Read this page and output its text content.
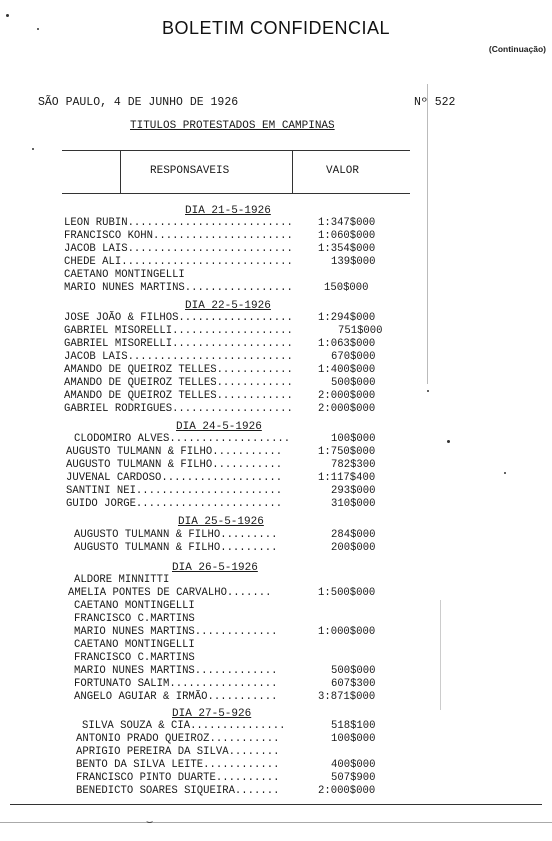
BOLETIM CONFIDENCIAL
(Continuação)
SÃO PAULO, 4 DE JUNHO DE 1926	Nº 522
TITULOS PROTESTADOS EM CAMPINAS
RESPONSAVEIS	VALOR
DIA 21-5-1926
LEON RUBIN.......................... 1:347$000
FRANCISCO KOHN...................... 1:060$000
JACOB LAIS.......................... 1:354$000
CHEDE ALI...........................	139$000
CAETANO MONTINGELLI
MARIO NUNES MARTINS.................	150$000
DIA 22-5-1926
JOSE JOÃO & FILHOS.................. 1:294$000
GABRIEL MISORELLI...................	751$000
GABRIEL MISORELLI................... 1:063$000
JACOB LAIS..........................	670$000
AMANDO DE QUEIROZ TELLES............ 1:400$000
AMANDO DE QUEIROZ TELLES............	500$000
AMANDO DE QUEIROZ TELLES............ 2:000$000
GABRIEL RODRIGUES................... 2:000$000
DIA 24-5-1926
CLODOMIRO ALVES...................	100$000
AUGUSTO TULMANN & FILHO...........	1:750$000
AUGUSTO TULMANN & FILHO...........	782$300
JUVENAL CARDOSO...................	1:117$400
SANTINI NEI.......................	293$000
GUIDO JORGE.......................	310$000
DIA 25-5-1926
AUGUSTO TULMANN & FILHO.........	284$000
AUGUSTO TULMANN & FILHO.........	200$000
DIA 26-5-1926
ALDORE MINNITTI
AMELIA PONTES DE CARVALHO.......	1:500$000
CAETANO MONTINGELLI
FRANCISCO C.MARTINS
MARIO NUNES MARTINS.............	1:000$000
CAETANO MONTINGELLI
FRANCISCO C.MARTINS
MARIO NUNES MARTINS.............	500$000
FORTUNATO SALIM.................	607$300
ANGELO AGUIAR & IRMÃO...........	3:871$000
DIA 27-5-926
SILVA SOUZA & CIA...............	518$100
ANTONIO PRADO QUEIROZ...........	100$000
APRIGIO PEREIRA DA SILVA........
BENTO DA SILVA LEITE............	400$000
FRANCISCO PINTO DUARTE..........	507$900
BENEDICTO SOARES SIQUEIRA.......	2:000$000
⌣
